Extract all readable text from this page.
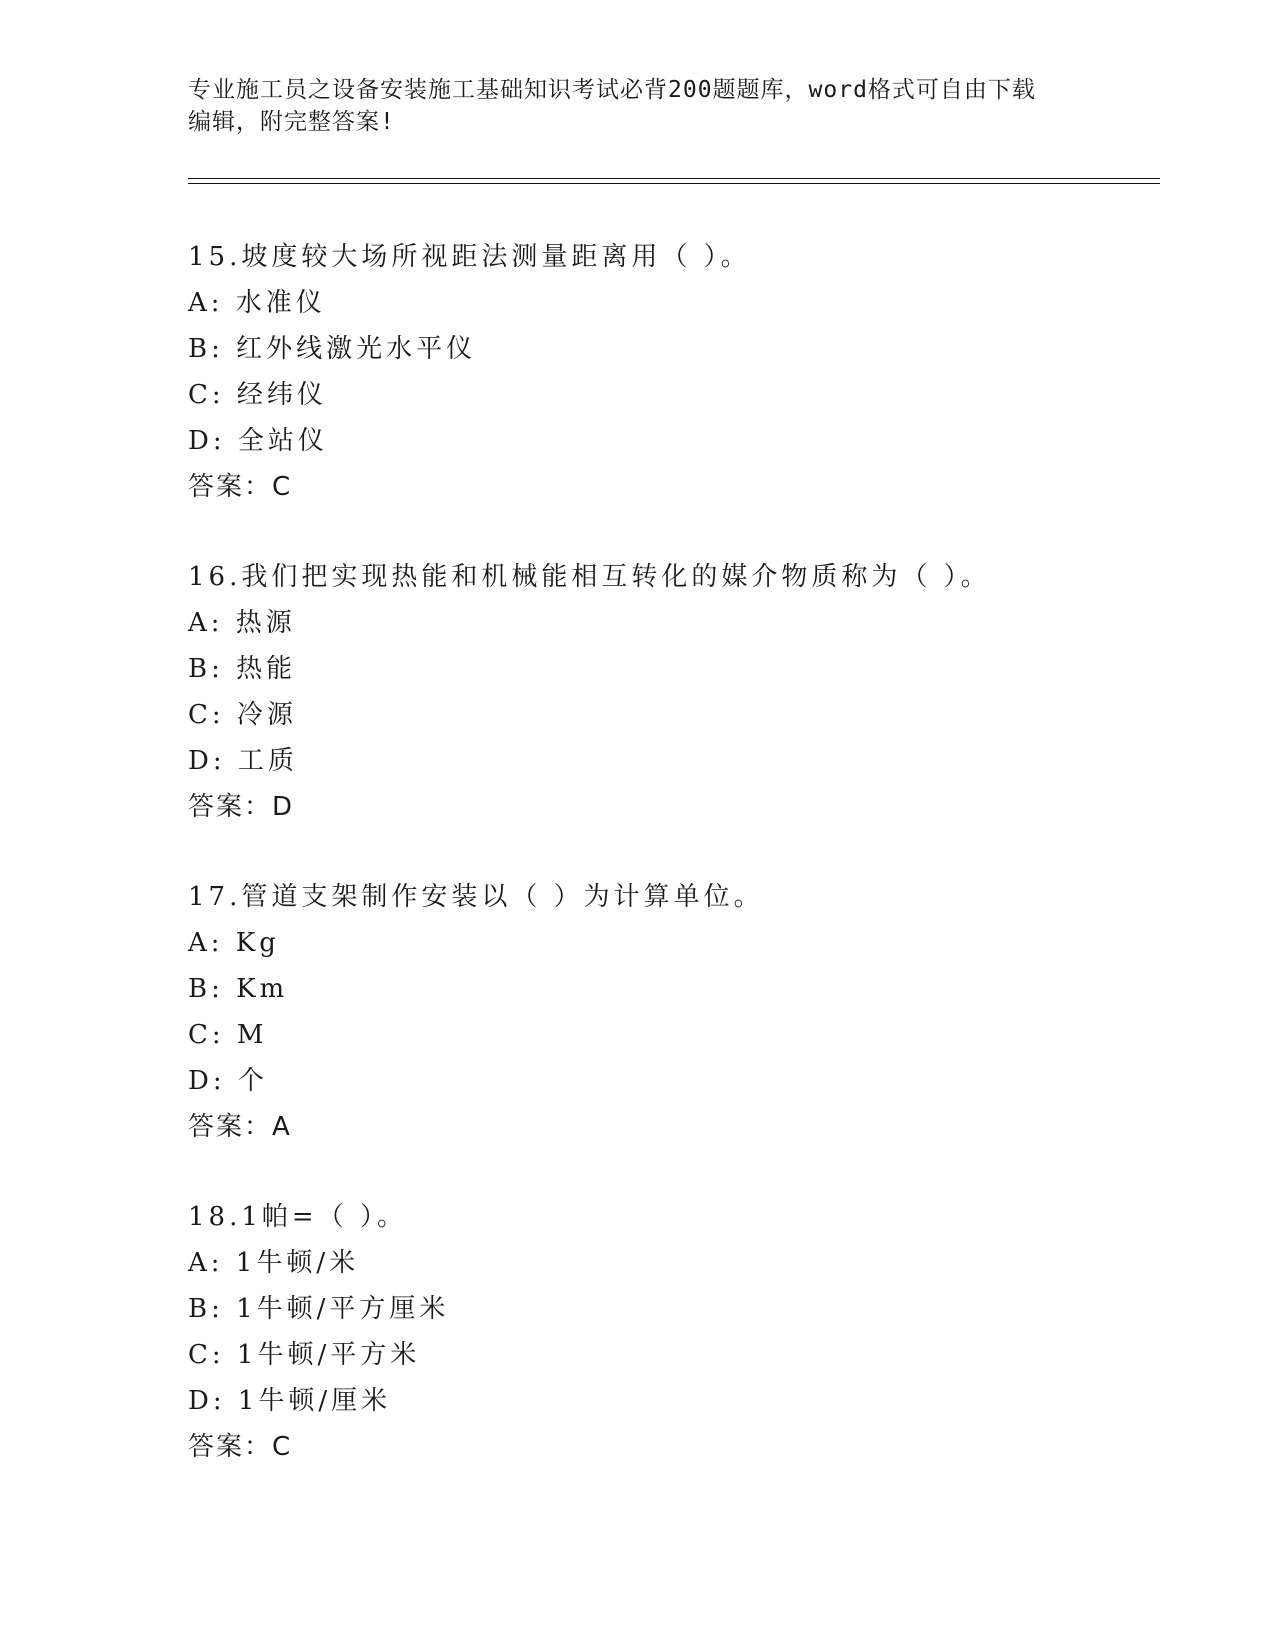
专业施工员之设备安装施工基础知识考试必背200题题库，word格式可自由下载
编辑，附完整答案!
15.坡度较大场所视距法测量距离用（ ）。
A: 水准仪
B: 红外线激光水平仪
C: 经纬仪
D: 全站仪
答案：C
16.我们把实现热能和机械能相互转化的媒介物质称为（ ）。
A: 热源
B: 热能
C: 冷源
D: 工质
答案：D
17.管道支架制作安装以（ ）为计算单位。
A: Kg
B: Km
C: M
D: 个
答案：A
18.1帕=（ ）。
A: 1牛顿/米
B: 1牛顿/平方厘米
C: 1牛顿/平方米
D: 1牛顿/厘米
答案：C
